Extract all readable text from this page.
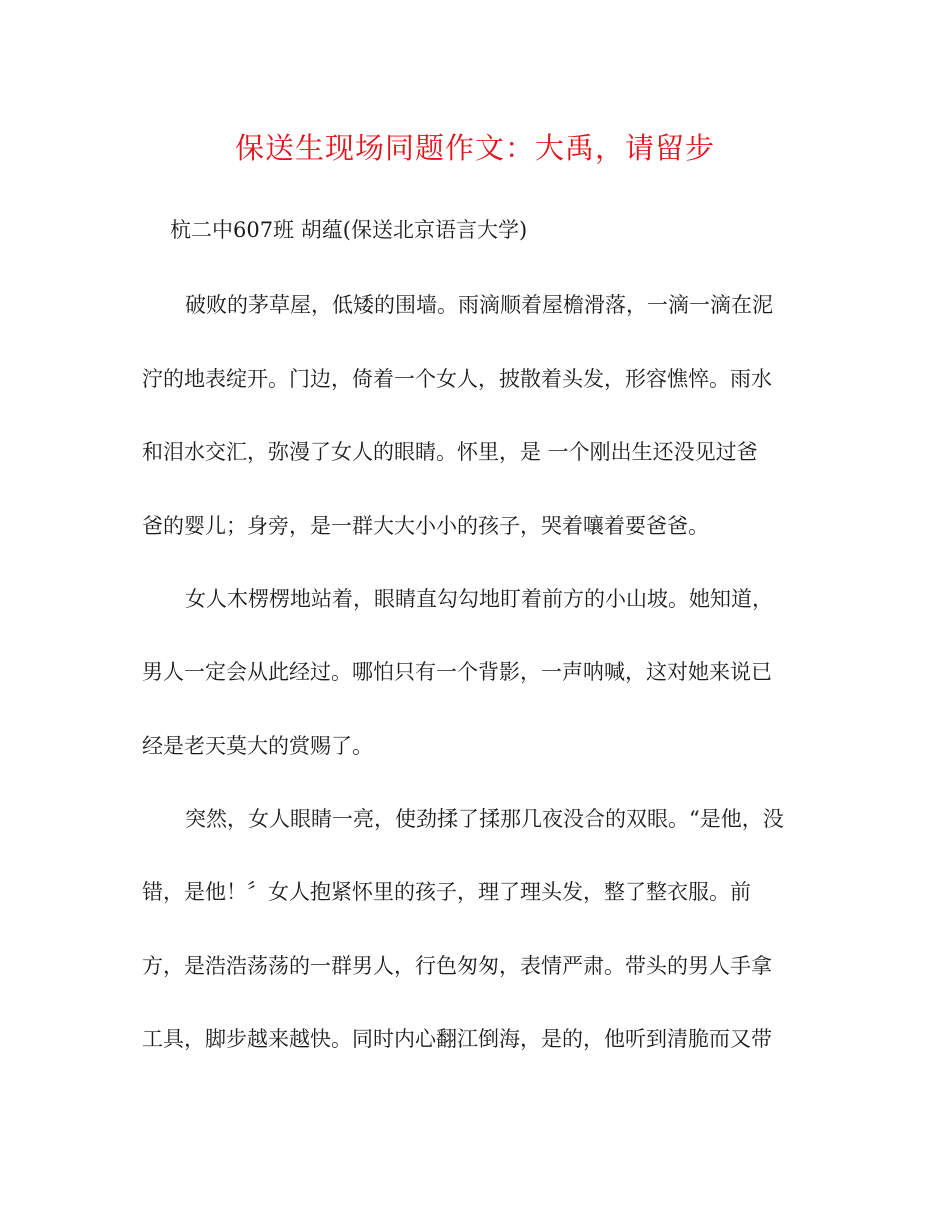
保送生现场同题作文：大禹，请留步

杭二中607班 胡蕴(保送北京语言大学)

破败的茅草屋，低矮的围墙。雨滴顺着屋檐滑落，一滴一滴在泥

泞的地表绽开。门边，倚着一个女人，披散着头发，形容憔悴。雨水

和泪水交汇，弥漫了女人的眼睛。怀里，是 一个刚出生还没见过爸

爸的婴儿；身旁，是一群大大小小的孩子，哭着嚷着要爸爸。

女人木楞楞地站着，眼睛直勾勾地盯着前方的小山坡。她知道，

男人一定会从此经过。哪怕只有一个背影，一声呐喊，这对她来说已

经是老天莫大的赏赐了。

突然，女人眼睛一亮，使劲揉了揉那几夜没合的双眼。“是他，没

错，是他！〞女人抱紧怀里的孩子，理了理头发，整了整衣服。前

方，是浩浩荡荡的一群男人，行色匆匆，表情严肃。带头的男人手拿

工具，脚步越来越快。同时内心翻江倒海，是的，他听到清脆而又带
